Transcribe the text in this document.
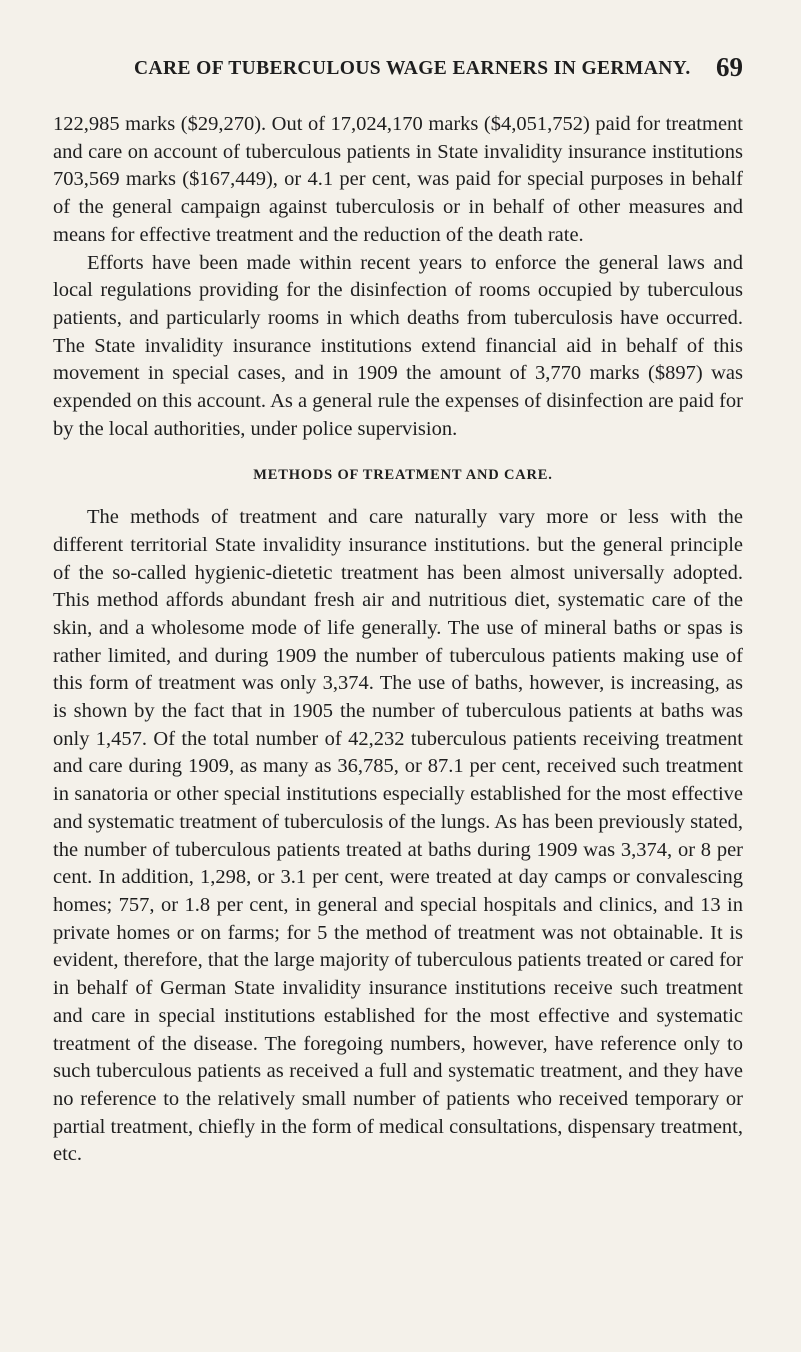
CARE OF TUBERCULOUS WAGE EARNERS IN GERMANY. 69

122,985 marks ($29,270). Out of 17,024,170 marks ($4,051,752) paid for treatment and care on account of tuberculous patients in State invalidity insurance institutions 703,569 marks ($167,449), or 4.1 per cent, was paid for special purposes in behalf of the general campaign against tuberculosis or in behalf of other measures and means for effective treatment and the reduction of the death rate.

Efforts have been made within recent years to enforce the general laws and local regulations providing for the disinfection of rooms occupied by tuberculous patients, and particularly rooms in which deaths from tuberculosis have occurred. The State invalidity insurance institutions extend financial aid in behalf of this movement in special cases, and in 1909 the amount of 3,770 marks ($897) was expended on this account. As a general rule the expenses of disinfection are paid for by the local authorities, under police supervision.

METHODS OF TREATMENT AND CARE.

The methods of treatment and care naturally vary more or less with the different territorial State invalidity insurance institutions. but the general principle of the so-called hygienic-dietetic treatment has been almost universally adopted. This method affords abundant fresh air and nutritious diet, systematic care of the skin, and a wholesome mode of life generally. The use of mineral baths or spas is rather limited, and during 1909 the number of tuberculous patients making use of this form of treatment was only 3,374. The use of baths, however, is increasing, as is shown by the fact that in 1905 the number of tuberculous patients at baths was only 1,457. Of the total number of 42,232 tuberculous patients receiving treatment and care during 1909, as many as 36,785, or 87.1 per cent, received such treatment in sanatoria or other special institutions especially established for the most effective and systematic treatment of tuberculosis of the lungs. As has been previously stated, the number of tuberculous patients treated at baths during 1909 was 3,374, or 8 per cent. In addition, 1,298, or 3.1 per cent, were treated at day camps or convalescing homes; 757, or 1.8 per cent, in general and special hospitals and clinics, and 13 in private homes or on farms; for 5 the method of treatment was not obtainable. It is evident, therefore, that the large majority of tuberculous patients treated or cared for in behalf of German State invalidity insurance institutions receive such treatment and care in special institutions established for the most effective and systematic treatment of the disease. The foregoing numbers, however, have reference only to such tuberculous patients as received a full and systematic treatment, and they have no reference to the relatively small number of patients who received temporary or partial treatment, chiefly in the form of medical consultations, dispensary treatment, etc.
